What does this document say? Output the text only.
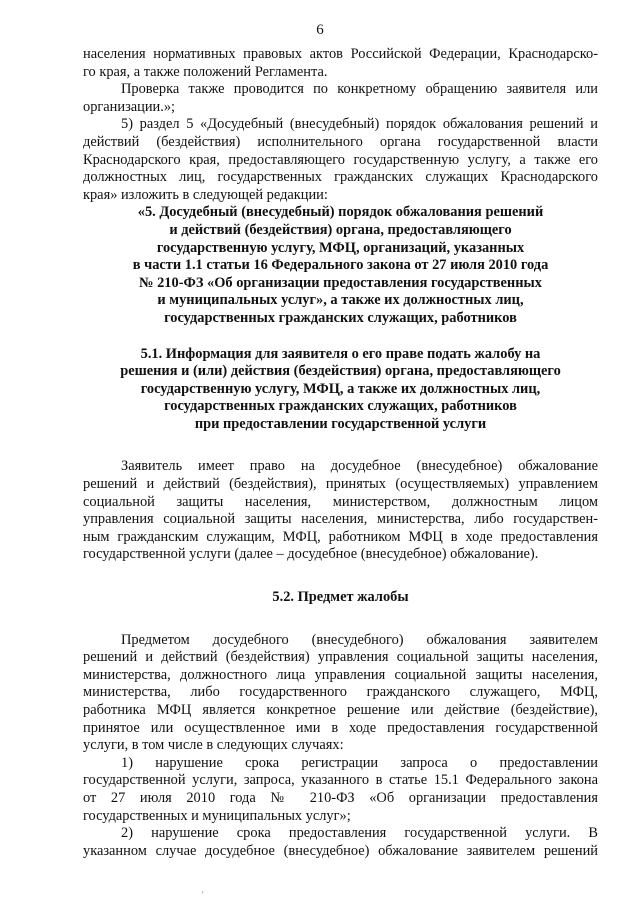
6

населения нормативных правовых актов Российской Федерации, Краснодарско-
го края, а также положений Регламента.

Проверка также проводится по конкретному обращению заявителя или
организации.»;

5) раздел 5 «Досудебный (внесудебный) порядок обжалования решений и
действий (бездействия) исполнительного органа государственной власти
Краснодарского края, предоставляющего государственную услугу, а также его
должностных лиц, государственных гражданских служащих Краснодарского
края» изложить в следующей редакции:

«5. Досудебный (внесудебный) порядок обжалования решений
и действий (бездействия) органа, предоставляющего
государственную услугу, МФЦ, организаций, указанных
в части 1.1 статьи 16 Федерального закона от 27 июля 2010 года
№ 210-ФЗ «Об организации предоставления государственных
и муниципальных услуг», а также их должностных лиц,
государственных гражданских служащих, работников
5.1. Информация для заявителя о его праве подать жалобу на
решения и (или) действия (бездействия) органа, предоставляющего
государственную услугу, МФЦ, а также их должностных лиц,
государственных гражданских служащих, работников
при предоставлении государственной услуги

Заявитель имеет право на досудебное (внесудебное) обжалование
решений и действий (бездействия), принятых (осуществляемых) управлением
социальной защиты населения, министерством, должностным лицом
управления социальной защиты населения, министерства, либо государствен-
ным гражданским служащим, МФЦ, работником МФЦ в ходе предоставления
государственной услуги (далее – досудебное (внесудебное) обжалование).

5.2. Предмет жалобы

Предметом досудебного (внесудебного) обжалования заявителем
решений и действий (бездействия) управления социальной защиты населения,
министерства, должностного лица управления социальной защиты населения,
министерства, либо государственного гражданского служащего, МФЦ,
работника МФЦ является конкретное решение или действие (бездействие),
принятое или осуществленное ими в ходе предоставления государственной
услуги, в том числе в следующих случаях:

1) нарушение срока регистрации запроса о предоставлении
государственной услуги, запроса, указанного в статье 15.1 Федерального закона
от 27 июля 2010 года № 210-ФЗ «Об организации предоставления
государственных и муниципальных услуг»;

2) нарушение срока предоставления государственной услуги. В
указанном случае досудебное (внесудебное) обжалование заявителем решений

'
